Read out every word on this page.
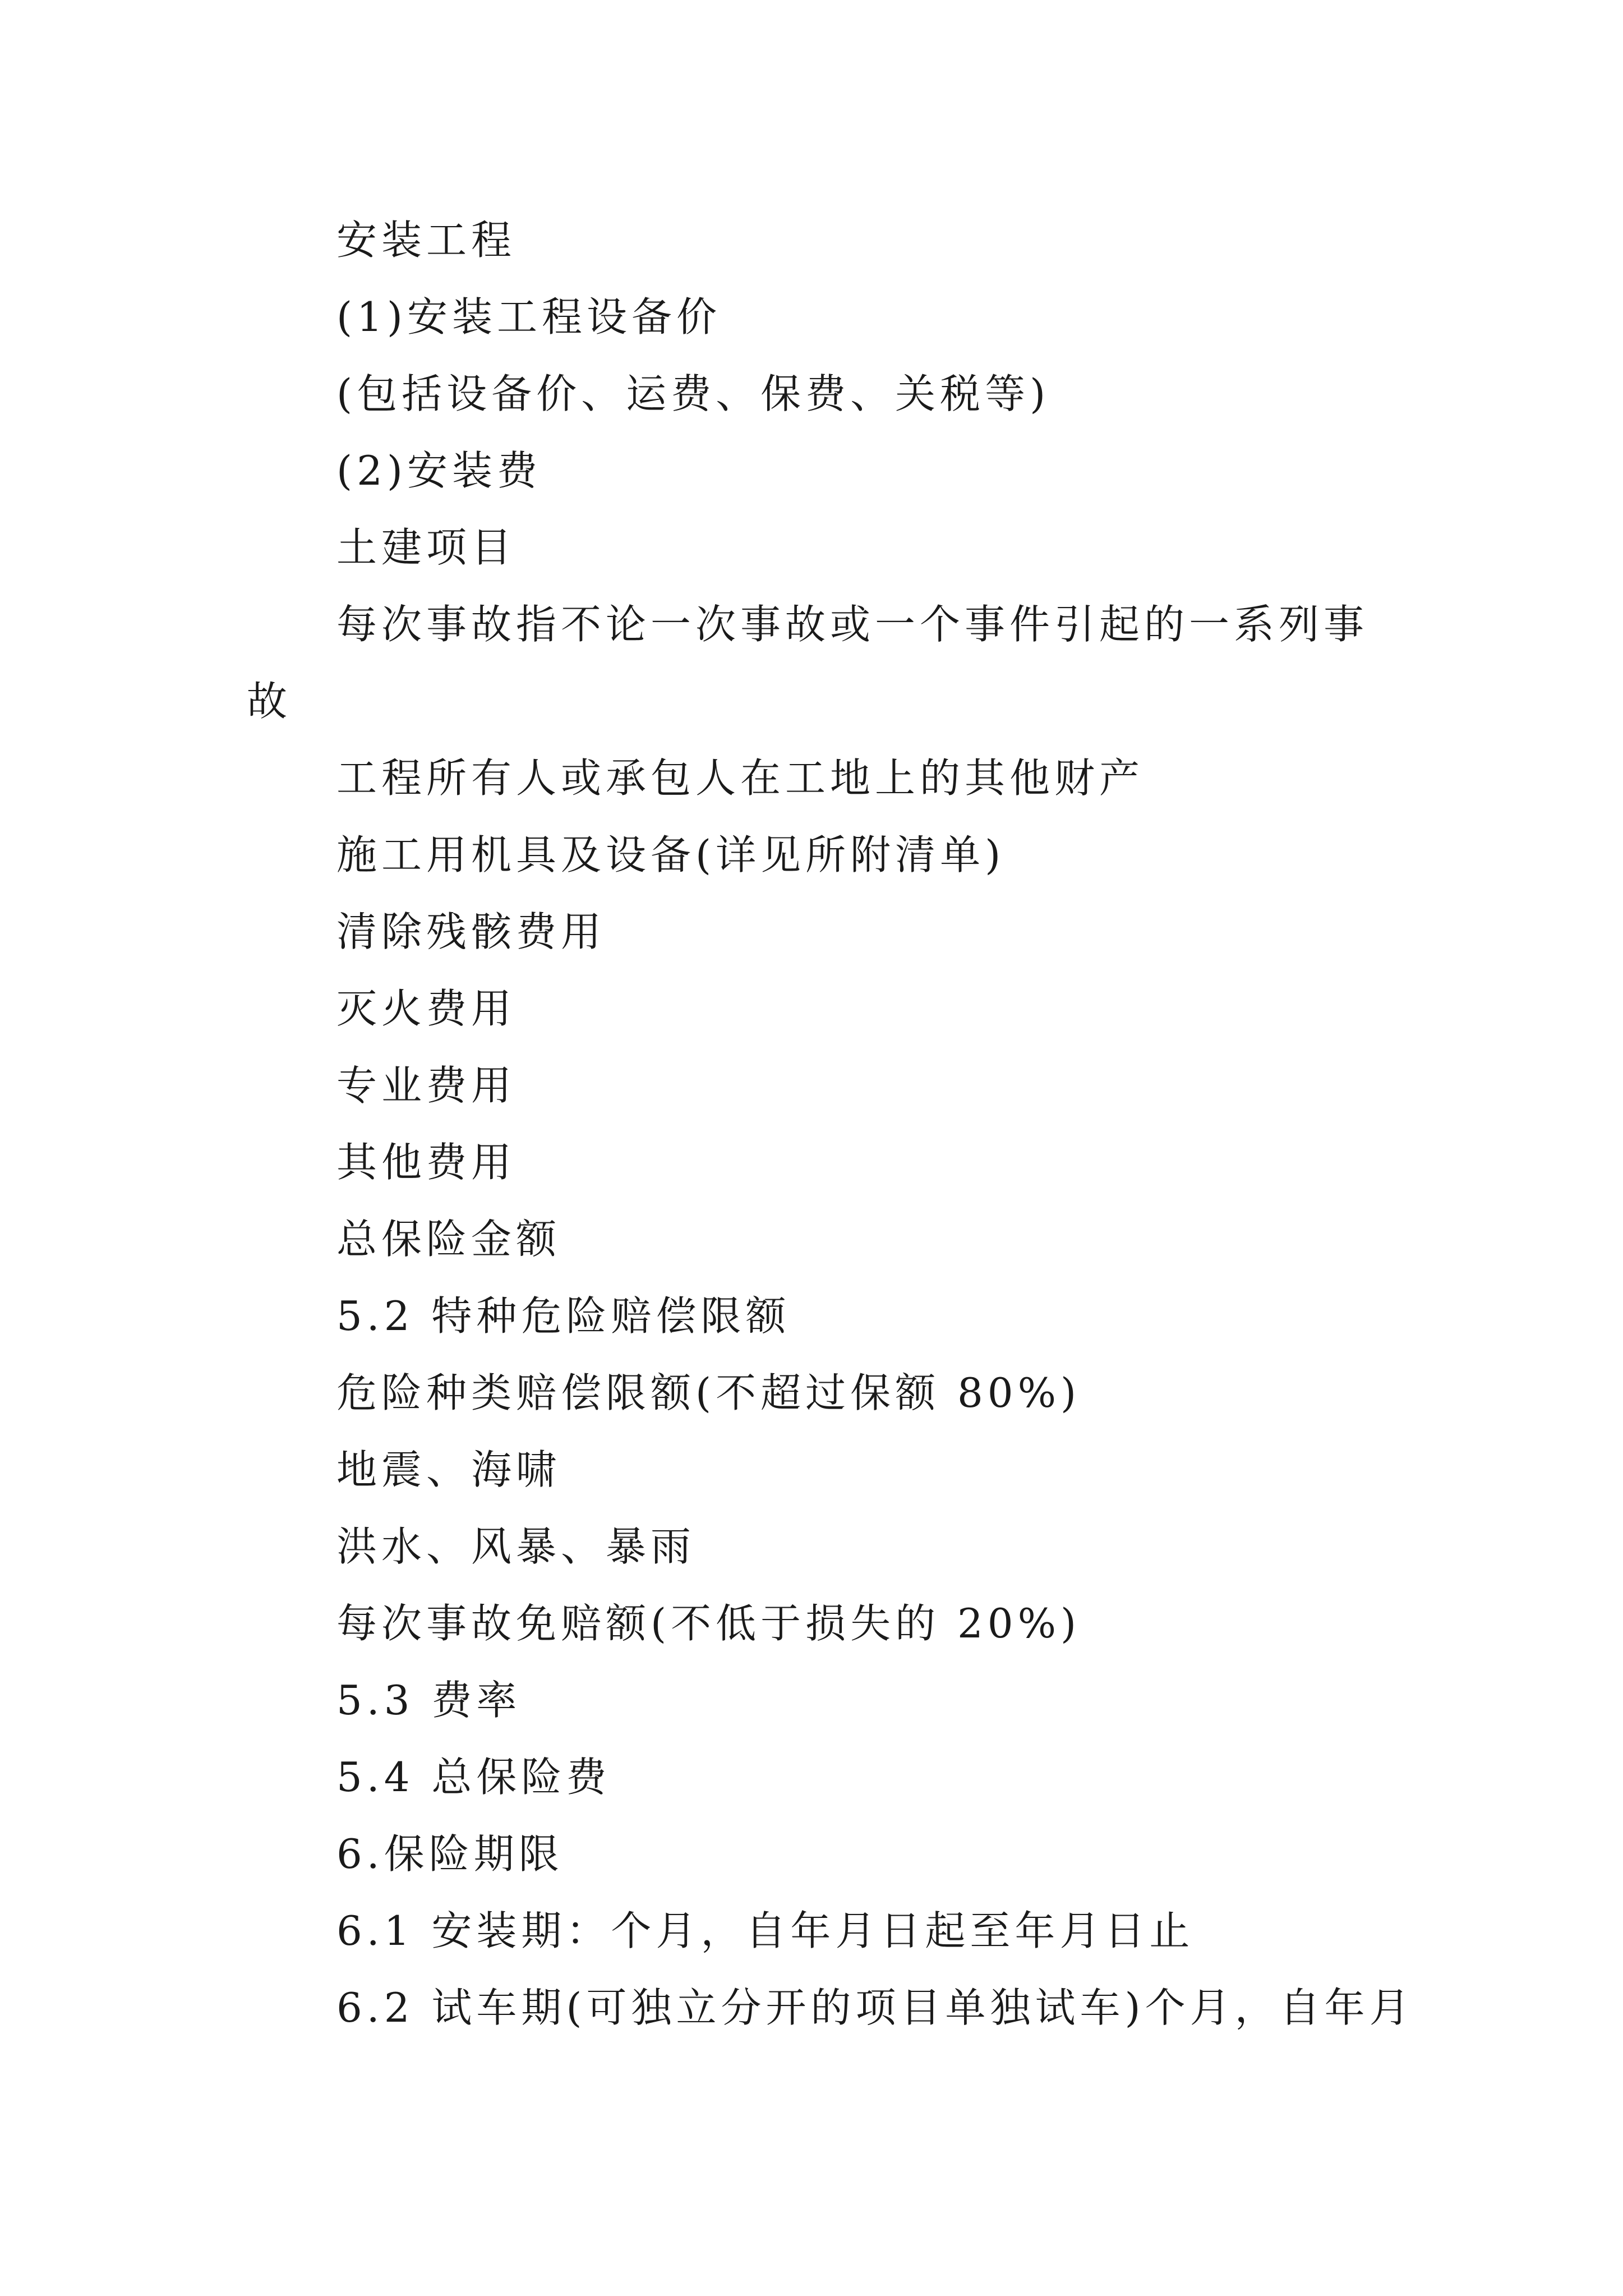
安装工程
(1)安装工程设备价
(包括设备价、运费、保费、关税等)
(2)安装费
土建项目
每次事故指不论一次事故或一个事件引起的一系列事
故
工程所有人或承包人在工地上的其他财产
施工用机具及设备(详见所附清单)
清除残骸费用
灭火费用
专业费用
其他费用
总保险金额
5.2 特种危险赔偿限额
危险种类赔偿限额(不超过保额 80%)
地震、海啸
洪水、风暴、暴雨
每次事故免赔额(不低于损失的 20%)
5.3 费率
5.4 总保险费
6.保险期限
6.1 安装期：个月，自年月日起至年月日止
6.2 试车期(可独立分开的项目单独试车)个月，自年月
